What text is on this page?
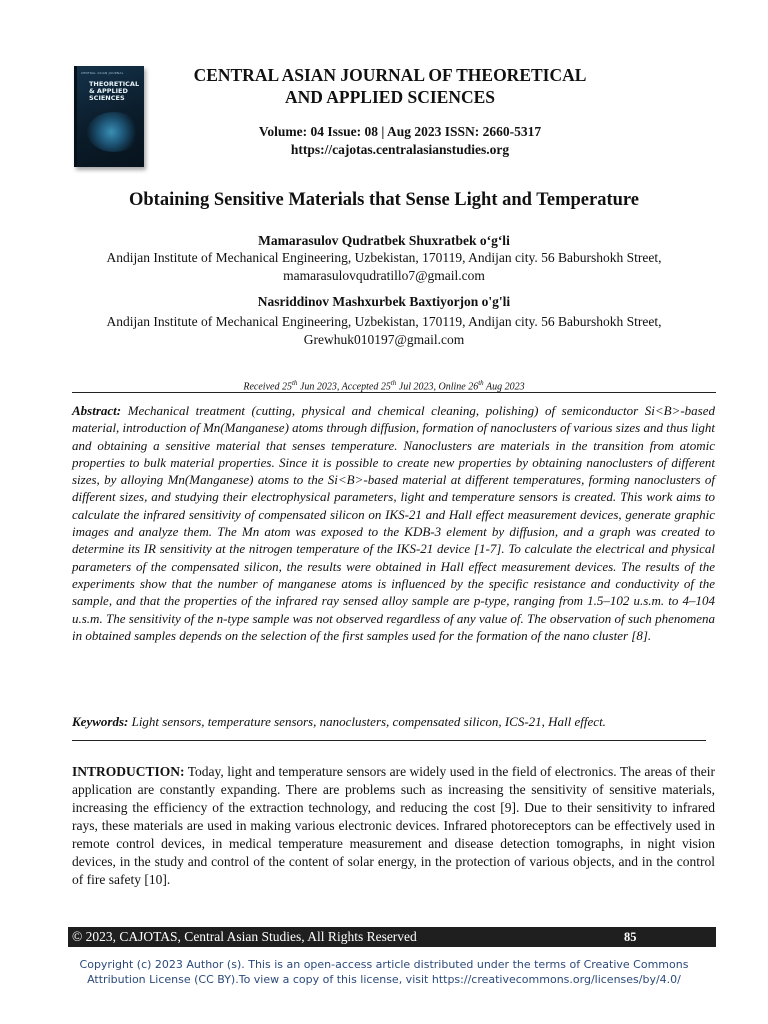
CENTRAL ASIAN JOURNAL
THEORETICAL & APPLIED SCIENCES
CENTRAL ASIAN JOURNAL OF THEORETICAL
AND APPLIED SCIENCES
Volume: 04 Issue: 08 | Aug 2023 ISSN: 2660-5317
https://cajotas.centralasianstudies.org
Obtaining Sensitive Materials that Sense Light and Temperature
Mamarasulov Qudratbek Shuxratbek o‘g‘li
Andijan Institute of Mechanical Engineering, Uzbekistan, 170119, Andijan city. 56 Baburshokh Street,
mamarasulovqudratillo7@gmail.com
Nasriddinov Mashxurbek Baxtiyorjon o'g'li
Andijan Institute of Mechanical Engineering, Uzbekistan, 170119, Andijan city. 56 Baburshokh Street,
Grewhuk010197@gmail.com
Received 25th Jun 2023, Accepted 25th Jul 2023, Online 26th Aug 2023
Abstract: Mechanical treatment (cutting, physical and chemical cleaning, polishing) of semiconductor Si<B>-based material, introduction of Mn(Manganese) atoms through diffusion, formation of nanoclusters of various sizes and thus light and obtaining a sensitive material that senses temperature. Nanoclusters are materials in the transition from atomic properties to bulk material properties. Since it is possible to create new properties by obtaining nanoclusters of different sizes, by alloying Mn(Manganese) atoms to the Si<B>-based material at different temperatures, forming nanoclusters of different sizes, and studying their electrophysical parameters, light and temperature sensors is created. This work aims to calculate the infrared sensitivity of compensated silicon on IKS-21 and Hall effect measurement devices, generate graphic images and analyze them. The Mn atom was exposed to the KDB-3 element by diffusion, and a graph was created to determine its IR sensitivity at the nitrogen temperature of the IKS-21 device [1-7]. To calculate the electrical and physical parameters of the compensated silicon, the results were obtained in Hall effect measurement devices. The results of the experiments show that the number of manganese atoms is influenced by the specific resistance and conductivity of the sample, and that the properties of the infrared ray sensed alloy sample are p-type, ranging from 1.5–102 u.s.m. to 4–104 u.s.m. The sensitivity of the n-type sample was not observed regardless of any value of. The observation of such phenomena in obtained samples depends on the selection of the first samples used for the formation of the nano cluster [8].
Keywords: Light sensors, temperature sensors, nanoclusters, compensated silicon, ICS-21, Hall effect.
INTRODUCTION: Today, light and temperature sensors are widely used in the field of electronics. The areas of their application are constantly expanding. There are problems such as increasing the sensitivity of sensitive materials, increasing the efficiency of the extraction technology, and reducing the cost [9]. Due to their sensitivity to infrared rays, these materials are used in making various electronic devices. Infrared photoreceptors can be effectively used in remote control devices, in medical temperature measurement and disease detection tomographs, in night vision devices, in the study and control of the content of solar energy, in the protection of various objects, and in the control of fire safety [10].
© 2023, CAJOTAS, Central Asian Studies, All Rights Reserved	85
Copyright (c) 2023 Author (s). This is an open-access article distributed under the terms of Creative Commons
Attribution License (CC BY).To view a copy of this license, visit https://creativecommons.org/licenses/by/4.0/
